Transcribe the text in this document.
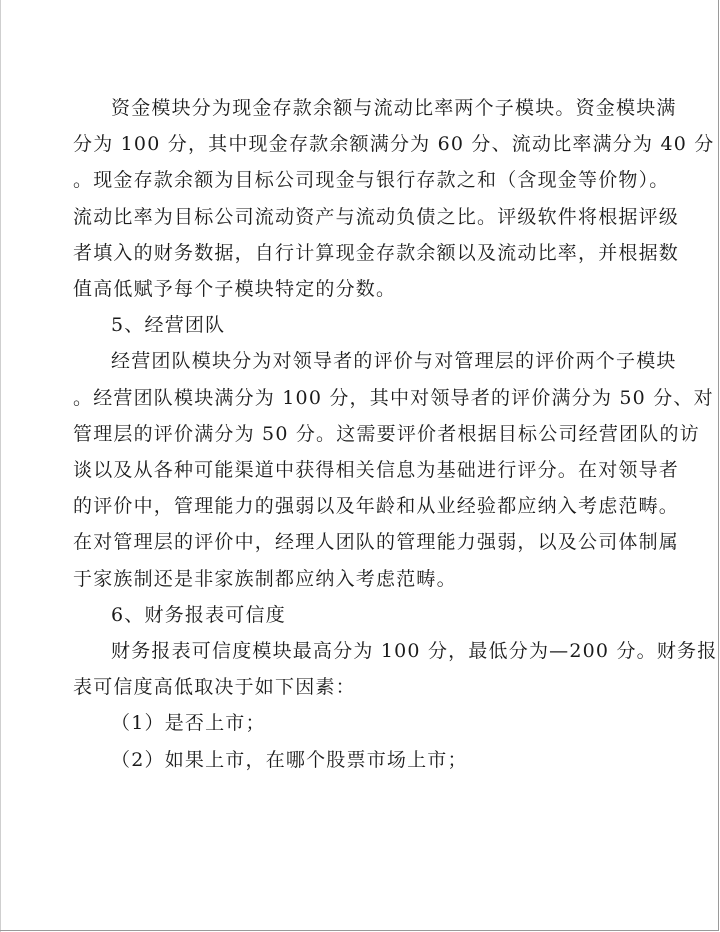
资金模块分为现金存款余额与流动比率两个子模块。资金模块满
分为 100 分，其中现金存款余额满分为 60 分、流动比率满分为 40 分
。现金存款余额为目标公司现金与银行存款之和（含现金等价物）。
流动比率为目标公司流动资产与流动负债之比。评级软件将根据评级
者填入的财务数据，自行计算现金存款余额以及流动比率，并根据数
值高低赋予每个子模块特定的分数。
5、经营团队
经营团队模块分为对领导者的评价与对管理层的评价两个子模块
。经营团队模块满分为 100 分，其中对领导者的评价满分为 50 分、对
管理层的评价满分为 50 分。这需要评价者根据目标公司经营团队的访
谈以及从各种可能渠道中获得相关信息为基础进行评分。在对领导者
的评价中，管理能力的强弱以及年龄和从业经验都应纳入考虑范畴。
在对管理层的评价中，经理人团队的管理能力强弱，以及公司体制属
于家族制还是非家族制都应纳入考虑范畴。
6、财务报表可信度
财务报表可信度模块最高分为 100 分，最低分为—200 分。财务报
表可信度高低取决于如下因素：
（1）是否上市；
（2）如果上市，在哪个股票市场上市；
